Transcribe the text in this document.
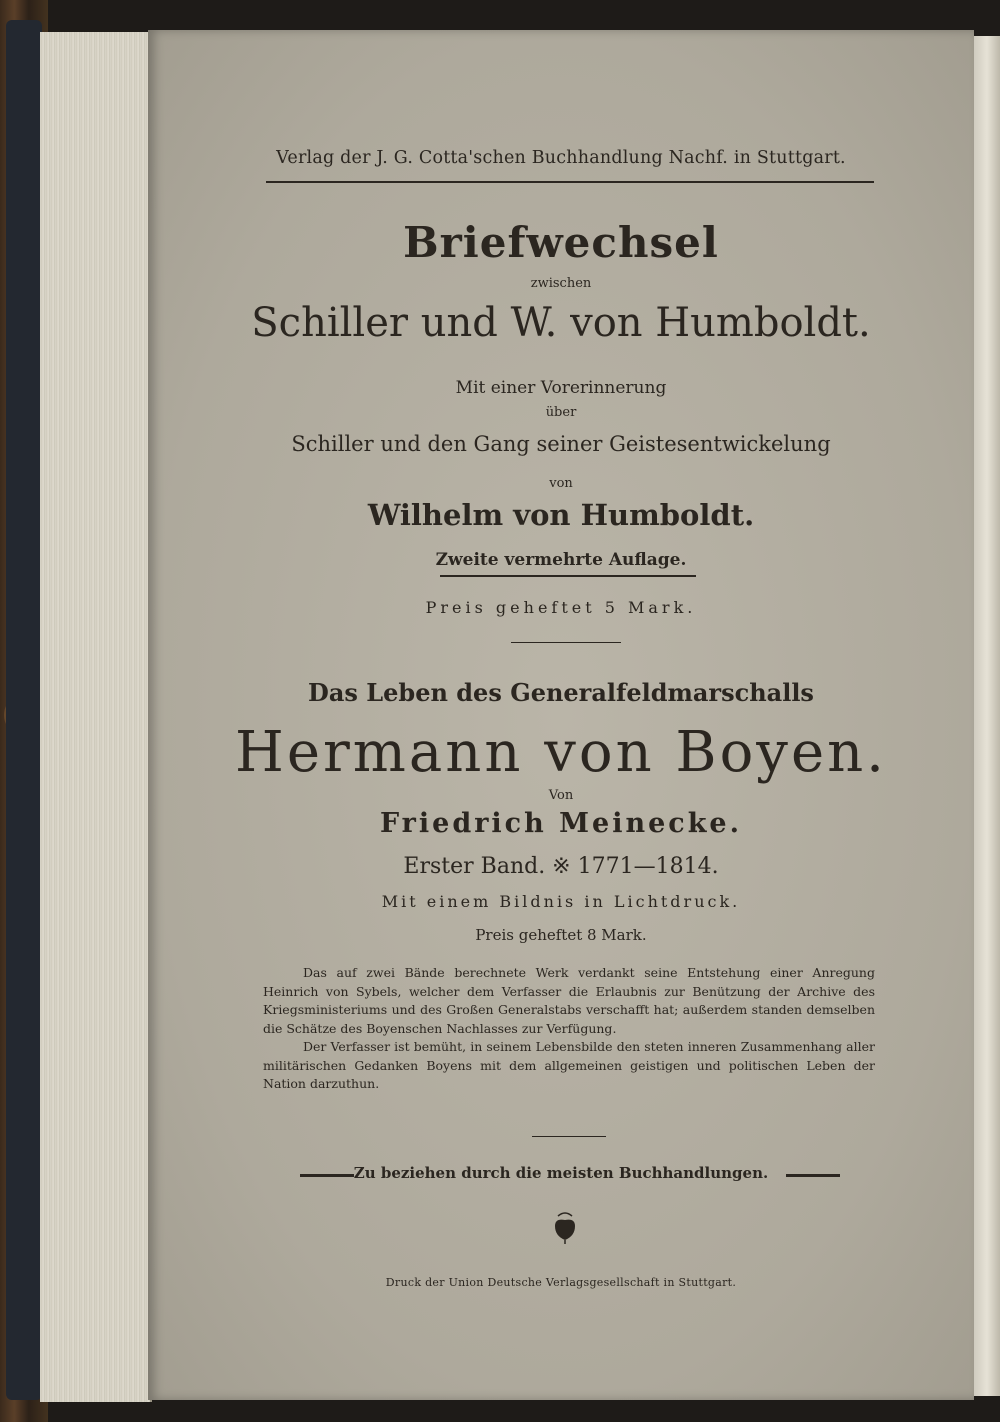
Verlag der J. G. Cotta'schen Buchhandlung Nachf. in Stuttgart.
Briefwechsel
zwischen
Schiller und W. von Humboldt.
Mit einer Vorerinnerung
über
Schiller und den Gang seiner Geistesentwickelung
von
Wilhelm von Humboldt.
Zweite vermehrte Auflage.
Preis geheftet 5 Mark.
Das Leben des Generalfeldmarschalls
Hermann von Boyen.
Von
Friedrich Meinecke.
Erster Band. ※ 1771—1814.
Mit einem Bildnis in Lichtdruck.
Preis geheftet 8 Mark.

Das auf zwei Bände berechnete Werk verdankt seine Entstehung einer Anregung Heinrich von Sybels, welcher dem Verfasser die Erlaubnis zur Benützung der Archive des Kriegsministeriums und des Großen Generalstabs verschafft hat; außerdem standen demselben die Schätze des Boyenschen Nachlasses zur Verfügung.

Der Verfasser ist bemüht, in seinem Lebensbilde den steten inneren Zusammenhang aller militärischen Gedanken Boyens mit dem allgemeinen geistigen und politischen Leben der Nation darzuthun.

Zu beziehen durch die meisten Buchhandlungen.
Druck der Union Deutsche Verlagsgesellschaft in Stuttgart.
